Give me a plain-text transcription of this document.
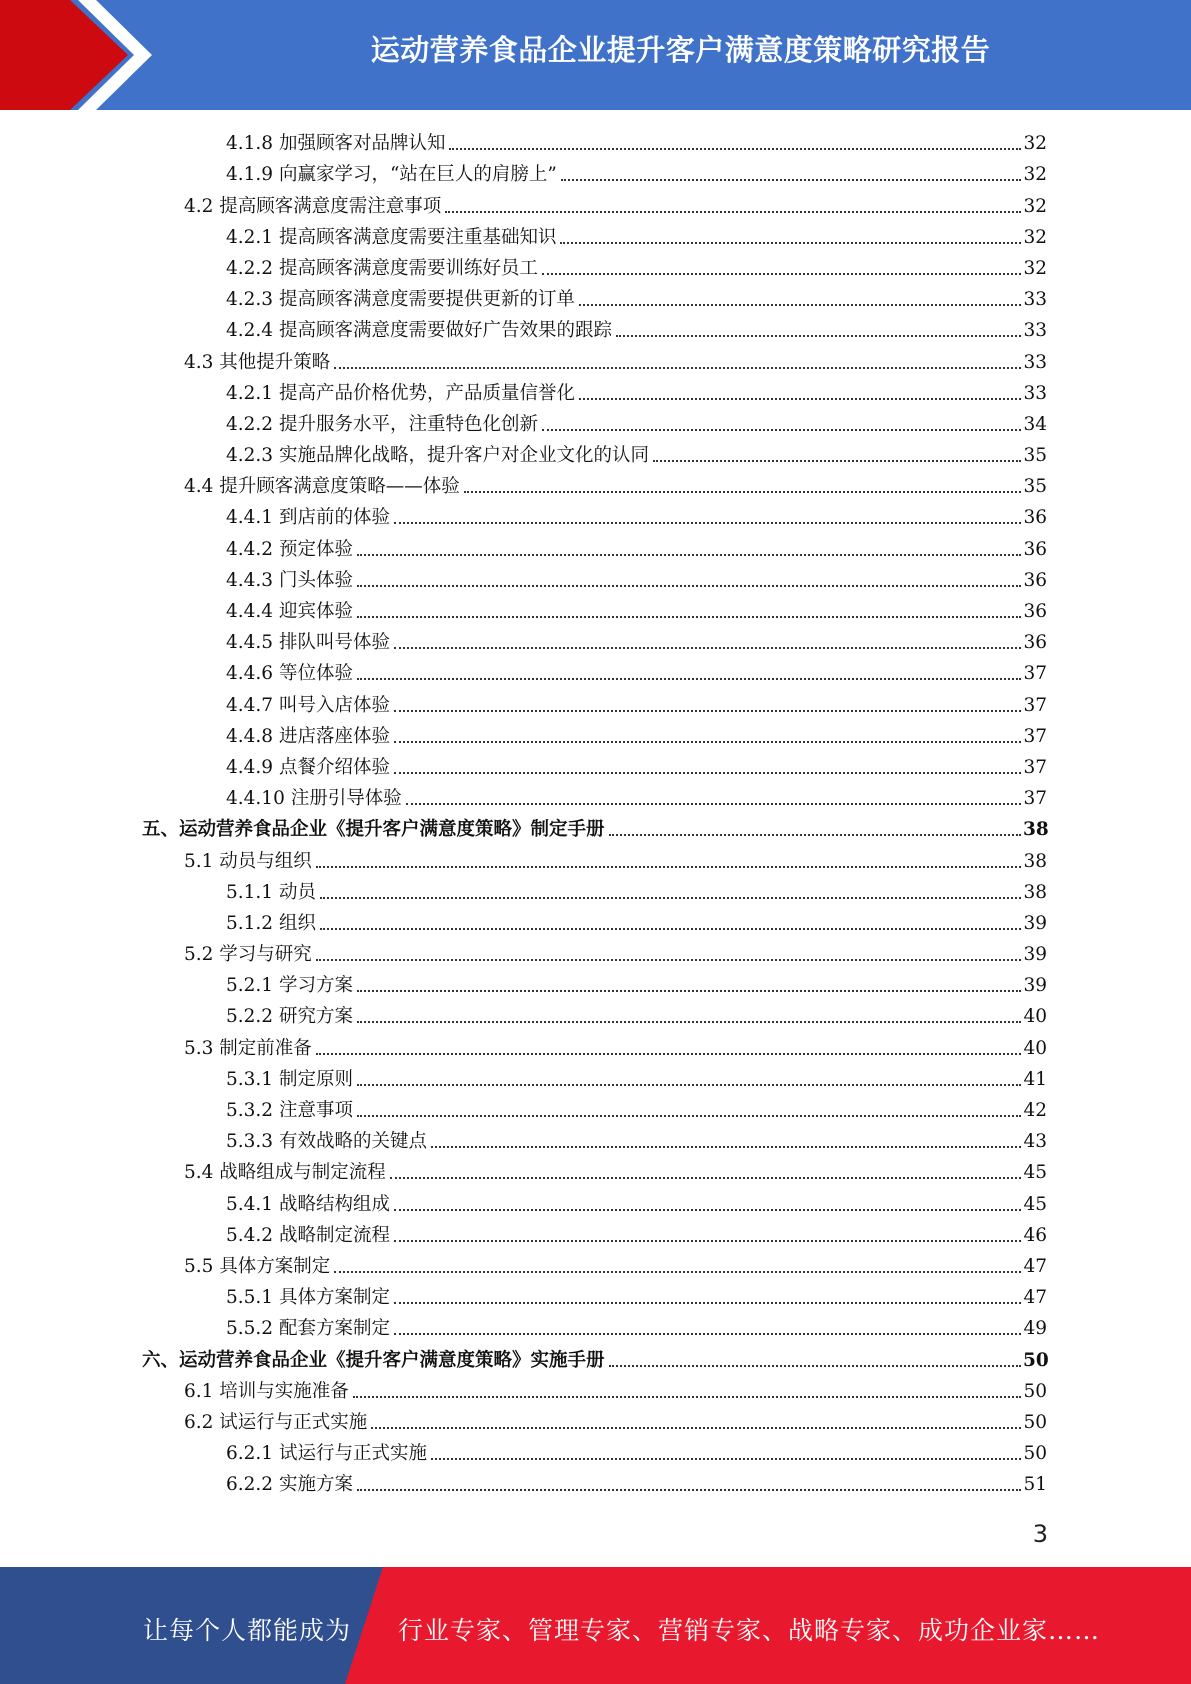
运动营养食品企业提升客户满意度策略研究报告
4.1.8 加强顾客对品牌认知	32
4.1.9 向赢家学习，“站在巨人的肩膀上”	32
4.2 提高顾客满意度需注意事项	32
4.2.1 提高顾客满意度需要注重基础知识	32
4.2.2 提高顾客满意度需要训练好员工	32
4.2.3 提高顾客满意度需要提供更新的订单	33
4.2.4 提高顾客满意度需要做好广告效果的跟踪	33
4.3 其他提升策略	33
4.2.1 提高产品价格优势，产品质量信誉化	33
4.2.2 提升服务水平，注重特色化创新	34
4.2.3 实施品牌化战略，提升客户对企业文化的认同	35
4.4 提升顾客满意度策略——体验	35
4.4.1 到店前的体验	36
4.4.2 预定体验	36
4.4.3 门头体验	36
4.4.4 迎宾体验	36
4.4.5 排队叫号体验	36
4.4.6 等位体验	37
4.4.7 叫号入店体验	37
4.4.8 进店落座体验	37
4.4.9 点餐介绍体验	37
4.4.10 注册引导体验	37
五、运动营养食品企业《提升客户满意度策略》制定手册	38
5.1 动员与组织	38
5.1.1 动员	38
5.1.2 组织	39
5.2 学习与研究	39
5.2.1 学习方案	39
5.2.2 研究方案	40
5.3 制定前准备	40
5.3.1 制定原则	41
5.3.2 注意事项	42
5.3.3 有效战略的关键点	43
5.4 战略组成与制定流程	45
5.4.1 战略结构组成	45
5.4.2 战略制定流程	46
5.5 具体方案制定	47
5.5.1 具体方案制定	47
5.5.2 配套方案制定	49
六、运动营养食品企业《提升客户满意度策略》实施手册	50
6.1 培训与实施准备	50
6.2 试运行与正式实施	50
6.2.1 试运行与正式实施	50
6.2.2 实施方案	51
3
让每个人都能成为 行业专家、管理专家、营销专家、战略专家、成功企业家……
